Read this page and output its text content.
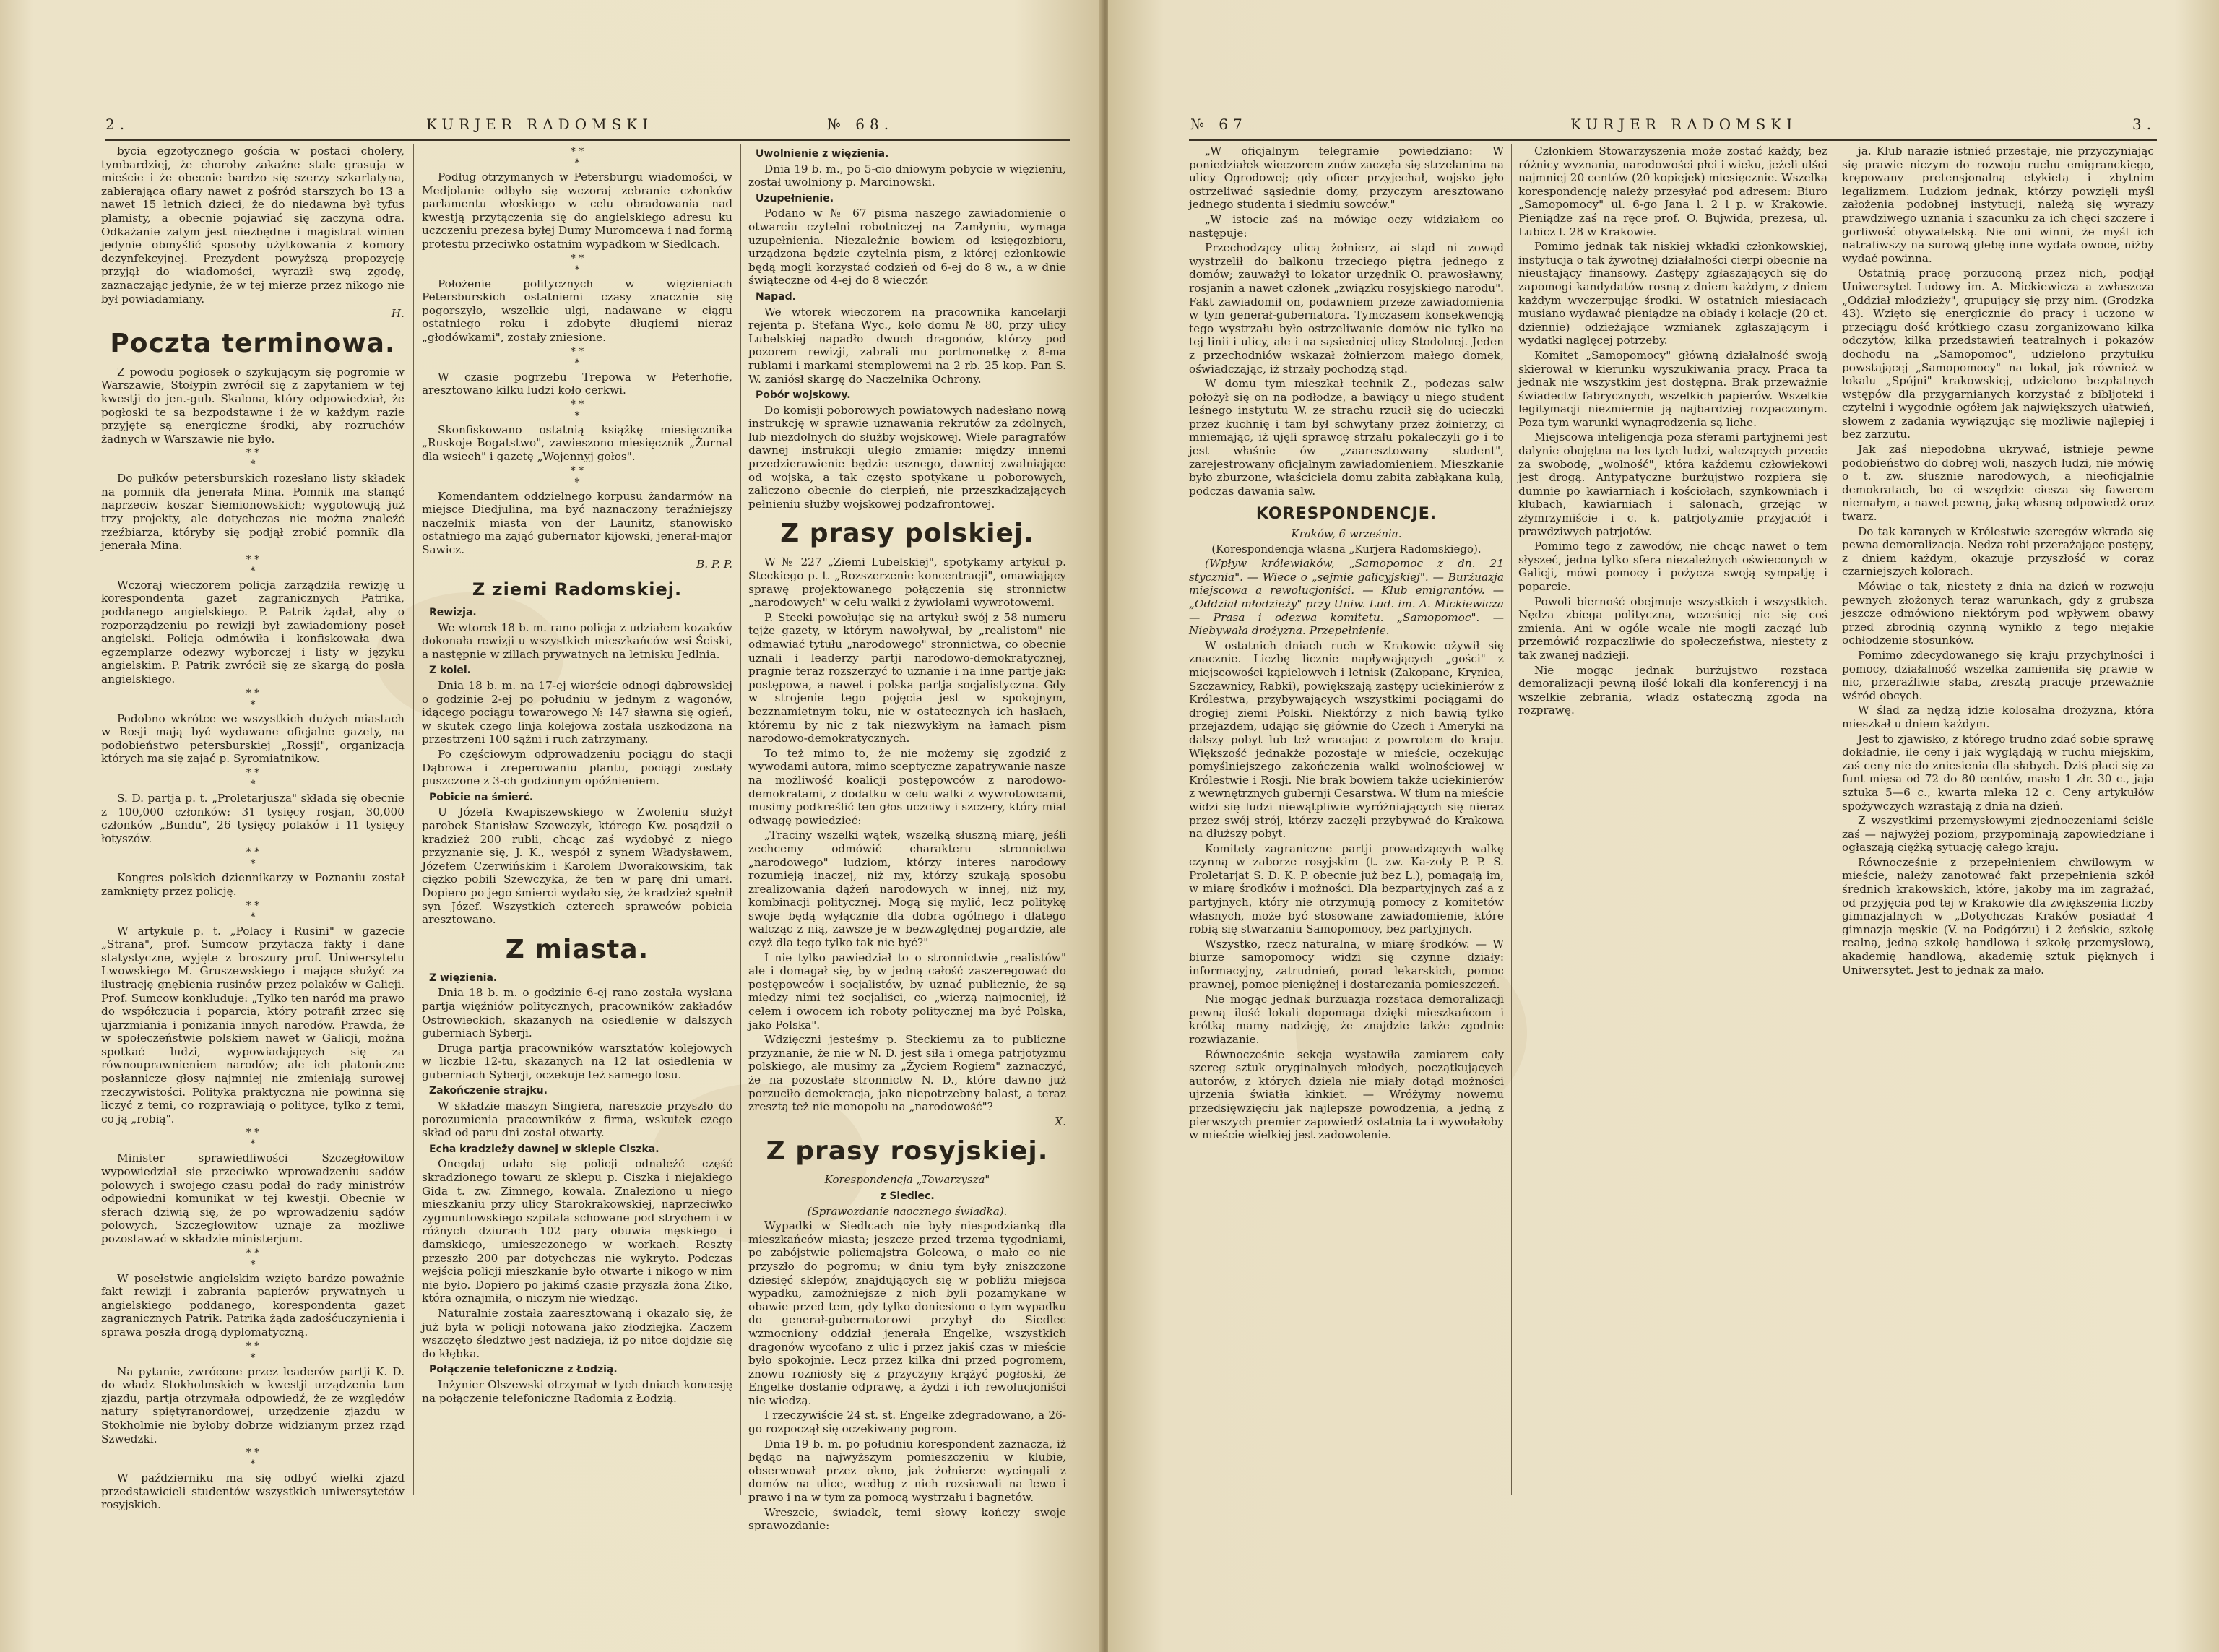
2.	KURJER RADOMSKI	№ 68.

bycia egzotycznego gościa w postaci cholery, tymbardziej, że choroby zakaźne stale grasują w mieście i że obecnie bardzo się szerzy szkarlatyna, zabierająca ofiary nawet z pośród starszych bo 13 a nawet 15 letnich dzieci, że do niedawna był tyfus plamisty, a obecnie pojawiać się zaczyna odra. Odkażanie zatym jest niezbędne i magistrat winien jedynie obmyślić sposoby użytkowania z komory dezynfekcyjnej. Prezydent powyższą propozycję przyjął do wiadomości, wyraził swą zgodę, zaznaczając jedynie, że w tej mierze przez nikogo nie był powiadamiany.

H.
Poczta terminowa.

Z powodu pogłosek o szykującym się pogromie w Warszawie, Stołypin zwrócił się z zapytaniem w tej kwestji do jen.-gub. Skalona, który odpowiedział, że pogłoski te są bezpodstawne i że w każdym razie przyjęte są energiczne środki, aby rozruchów żadnych w Warszawie nie było.

* *
*

Do pułków petersburskich rozesłano listy składek na pomnik dla jenerała Mina. Pomnik ma stanąć naprzeciw koszar Siemionowskich; wygotowują już trzy projekty, ale dotychczas nie można znaleźć rzeźbiarza, któryby się podjął zrobić pomnik dla jenerała Mina.

* *
*

Wczoraj wieczorem policja zarządziła rewizję u korespondenta gazet zagranicznych Patrika, poddanego angielskiego. P. Patrik żądał, aby o rozporządzeniu po rewizji był zawiadomiony poseł angielski. Policja odmówiła i konfiskowała dwa egzemplarze odezwy wyborczej i listy w języku angielskim. P. Patrik zwrócił się ze skargą do posła angielskiego.

* *
*

Podobno wkrótce we wszystkich dużych miastach w Rosji mają być wydawane oficjalne gazety, na podobieństwo petersburskiej „Rossji", organizacją których ma się zająć p. Syromiatnikow.

* *
*

S. D. partja p. t. „Proletarjusza" składa się obecnie z 100,000 członków: 31 tysięcy rosjan, 30,000 członków „Bundu", 26 tysięcy polaków i 11 tysięcy łotyszów.

* *
*

Kongres polskich dziennikarzy w Poznaniu został zamknięty przez policję.

* *
*

W artykule p. t. „Polacy i Rusini" w gazecie „Strana", prof. Sumcow przytacza fakty i dane statystyczne, wyjęte z broszury prof. Uniwersytetu Lwowskiego M. Gruszewskiego i mające służyć za ilustrację gnębienia rusinów przez polaków w Galicji. Prof. Sumcow konkluduje: „Tylko ten naród ma prawo do współczucia i poparcia, który potrafił zrzec się ujarzmiania i poniżania innych narodów. Prawda, że w społeczeństwie polskiem nawet w Galicji, można spotkać ludzi, wypowiadających się za równouprawnieniem narodów; ale ich platoniczne posłannicze głosy najmniej nie zmieniają surowej rzeczywistości. Polityka praktyczna nie powinna się liczyć z temi, co rozprawiają o polityce, tylko z temi, co ją „robią".

* *
*

Minister sprawiedliwości Szczegłowitow wypowiedział się przeciwko wprowadzeniu sądów polowych i swojego czasu podał do rady ministrów odpowiedni komunikat w tej kwestji. Obecnie w sferach dziwią się, że po wprowadzeniu sądów polowych, Szczegłowitow uznaje za możliwe pozostawać w składzie ministerjum.

* *
*

W posełstwie angielskim wzięto bardzo poważnie fakt rewizji i zabrania papierów prywatnych u angielskiego poddanego, korespondenta gazet zagranicznych Patrik. Patrika żąda zadośćuczynienia i sprawa poszła drogą dyplomatyczną.

* *
*

Na pytanie, zwrócone przez leaderów partji K. D. do władz Stokholmskich w kwestji urządzenia tam zjazdu, partja otrzymała odpowiedź, że ze względów natury spiętyranordowej, urzędzenie zjazdu w Stokholmie nie byłoby dobrze widzianym przez rząd Szwedzki.

* *
*

W październiku ma się odbyć wielki zjazd przedstawicieli studentów wszystkich uniwersytetów rosyjskich.

* *
*

Podług otrzymanych w Petersburgu wiadomości, w Medjolanie odbyło się wczoraj zebranie członków parlamentu włoskiego w celu obradowania nad kwestją przytączenia się do angielskiego adresu ku uczczeniu prezesa byłej Dumy Muromcewa i nad formą protestu przeciwko ostatnim wypadkom w Siedlcach.

* *
*

Położenie politycznych w więzieniach Petersburskich ostatniemi czasy znacznie się pogorszyło, wszelkie ulgi, nadawane w ciągu ostatniego roku i zdobyte długiemi nieraz „głodówkami", zostały zniesione.

* *
*

W czasie pogrzebu Trepowa w Peterhofie, aresztowano kilku ludzi koło cerkwi.

* *
*

Skonfiskowano ostatnią książkę miesięcznika „Ruskoje Bogatstwo", zawieszono miesięcznik „Żurnal dla wsiech" i gazetę „Wojennyj gołos".

* *
*

Komendantem oddzielnego korpusu żandarmów na miejsce Diedjulina, ma być naznaczony teraźniejszy naczelnik miasta von der Launitz, stanowisko ostatniego ma zająć gubernator kijowski, jenerał-major Sawicz.

B. P. P.
Z ziemi Radomskiej.
Rewizja.

We wtorek 18 b. m. rano policja z udziałem kozaków dokonała rewizji u wszystkich mieszkańców wsi Ściski, a następnie w zillach prywatnych na letnisku Jedlnia.

Z kolei.

Dnia 18 b. m. na 17-ej wiorście odnogi dąbrowskiej o godzinie 2-ej po południu w jednym z wagonów, idącego pociągu towarowego № 147 sławna się ogień, w skutek czego linja kolejowa została uszkodzona na przestrzeni 100 sążni i ruch zatrzymany.

Po częściowym odprowadzeniu pociągu do stacji Dąbrowa i zreperowaniu plantu, pociągi zostały puszczone z 3-ch godzinnym opóźnieniem.

Pobicie na śmierć.

U Józefa Kwapiszewskiego w Zwoleniu służył parobek Stanisław Szewczyk, którego Kw. posądził o kradzież 200 rubli, chcąc zaś wydobyć z niego przyznanie się, J. K., wespół z synem Władysławem, Józefem Czerwińskim i Karolem Dworakowskim, tak ciężko pobili Szewczyka, że ten w parę dni umarł. Dopiero po jego śmierci wydało się, że kradzież spełnił syn Józef. Wszystkich czterech sprawców pobicia aresztowano.

Z miasta.
Z więzienia.

Dnia 18 b. m. o godzinie 6-ej rano została wysłana partja więźniów politycznych, pracowników zakładów Ostrowieckich, skazanych na osiedlenie w dalszych guberniach Syberji.

Druga partja pracowników warsztatów kolejowych w liczbie 12-tu, skazanych na 12 lat osiedlenia w guberniach Syberji, oczekuje też samego losu.

Zakończenie strajku.

W składzie maszyn Singiera, nareszcie przyszło do porozumienia pracowników z firmą, wskutek czego skład od paru dni został otwarty.

Echa kradzieży dawnej w sklepie Ciszka.

Onegdaj udało się policji odnaleźć część skradzionego towaru ze sklepu p. Ciszka i niejakiego Gida t. zw. Zimnego, kowala. Znaleziono u niego mieszkaniu przy ulicy Starokrakowskiej, naprzeciwko zygmuntowskiego szpitala schowane pod strychem i w różnych dziurach 102 pary obuwia męskiego i damskiego, umieszczonego w workach. Reszty przeszło 200 par dotychczas nie wykryto. Podczas wejścia policji mieszkanie było otwarte i nikogo w nim nie było. Dopiero po jakimś czasie przyszła żona Ziko, która oznajmiła, o niczym nie wiedząc.

Naturalnie została zaaresztowaną i okazało się, że już była w policji notowana jako złodziejka. Zaczem wszczęto śledztwo jest nadzieja, iż po nitce dojdzie się do kłębka.

Połączenie telefoniczne z Łodzią.

Inżynier Olszewski otrzymał w tych dniach koncesję na połączenie telefoniczne Radomia z Łodzią.

Uwolnienie z więzienia.

Dnia 19 b. m., po 5-cio dniowym pobycie w więzieniu, został uwolniony p. Marcinowski.

Uzupełnienie.

Podano w № 67 pisma naszego zawiadomienie o otwarciu czytelni robotniczej na Zamłyniu, wymaga uzupełnienia. Niezależnie bowiem od księgozbioru, urządzona będzie czytelnia pism, z której członkowie będą mogli korzystać codzień od 6-ej do 8 w., a w dnie świąteczne od 4-ej do 8 wieczór.

Napad.

We wtorek wieczorem na pracownika kancelarji rejenta p. Stefana Wyc., koło domu № 80, przy ulicy Lubelskiej napadło dwuch dragonów, którzy pod pozorem rewizji, zabrali mu portmonetkę z 8-ma rublami i markami stemplowemi na 2 rb. 25 kop. Pan S. W. zaniósł skargę do Naczelnika Ochrony.

Pobór wojskowy.

Do komisji poborowych powiatowych nadesłano nową instrukcję w sprawie uznawania rekrutów za zdolnych, lub niezdolnych do służby wojskowej. Wiele paragrafów dawnej instrukcji uległo zmianie: między innemi przedzierawienie będzie usznego, dawniej zwalniające od wojska, a tak często spotykane u poborowych, zaliczono obecnie do cierpień, nie przeszkadzających pełnieniu służby wojskowej podzafrontowej.

Z prasy polskiej.

W № 227 „Ziemi Lubelskiej", spotykamy artykuł p. Steckiego p. t. „Rozszerzenie koncentracji", omawiający sprawę projektowanego połączenia się stronnictw „narodowych" w celu walki z żywiołami wywrotowemi.

P. Stecki powołując się na artykuł swój z 58 numeru tejże gazety, w którym nawoływał, by „realistom" nie odmawiać tytułu „narodowego" stronnictwa, co obecnie uznali i leaderzy partji narodowo-demokratycznej, pragnie teraz rozszerzyć to uznanie i na inne partje jak: postępowa, a nawet i polska partja socjalistyczna. Gdy w strojenie tego pojęcia jest w spokojnym, bezznamiętnym toku, nie w ostatecznych ich hasłach, któremu by nic z tak niezwykłym na łamach pism narodowo-demokratycznych.

To też mimo to, że nie możemy się zgodzić z wywodami autora, mimo sceptyczne zapatrywanie nasze na możliwość koalicji postępowców z narodowo-demokratami, z dodatku w celu walki z wywrotowcami, musimy podkreślić ten głos uczciwy i szczery, który mial odwagę powiedzieć:

„Traciny wszelki wątek, wszelką słuszną miarę, jeśli zechcemy odmówić charakteru stronnictwa „narodowego" ludziom, którzy interes narodowy rozumieją inaczej, niż my, którzy szukają sposobu zrealizowania dążeń narodowych w innej, niż my, kombinacji politycznej. Mogą się mylić, lecz politykę swoje będą wyłącznie dla dobra ogólnego i dlatego walcząc z nią, zawsze je w bezwzględnej pogardzie, ale czyż dla tego tylko tak nie być?"

I nie tylko pawiedział to o stronnictwie „realistów" ale i domagał się, by w jedną całość zaszeregować do postępowców i socjalistów, by uznać publicznie, że są między nimi też socjaliści, co „wierzą najmocniej, iż celem i owocem ich roboty politycznej ma być Polska, jako Polska".

Wdzięczni jesteśmy p. Steckiemu za to publiczne przyznanie, że nie w N. D. jest siła i omega patrjotyzmu polskiego, ale musimy za „Życiem Rogiem" zaznaczyć, że na pozostałe stronnictw N. D., które dawno już porzuciło demokracją, jako niepotrzebny balast, a teraz zresztą też nie monopolu na „narodowość"?

X.
Z prasy rosyjskiej.
Korespondencja „Towarzysza"
z Siedlec.
(Sprawozdanie naocznego świadka).

Wypadki w Siedlcach nie były niespodzianką dla mieszkańców miasta; jeszcze przed trzema tygodniami, po zabójstwie policmajstra Golcowa, o mało co nie przyszło do pogromu; w dniu tym były zniszczone dziesięć sklepów, znajdujących się w pobliżu miejsca wypadku, zamożniejsze z nich byli pozamykane w obawie przed tem, gdy tylko doniesiono o tym wypadku do generał-gubernatorowi przybył do Siedlec wzmocniony oddział jenerała Engelke, wszystkich dragonów wycofano z ulic i przez jakiś czas w mieście było spokojnie. Lecz przez kilka dni przed pogromem, znowu rozniosły się z przyczyny krążyć pogłoski, że Engelke dostanie odprawę, a żydzi i ich rewolucjoniści nie wiedzą.

I rzeczywiście 24 st. st. Engelke zdegradowano, a 26-go rozpoczął się oczekiwany pogrom.

Dnia 19 b. m. po południu korespondent zaznacza, iż będąc na najwyższym pomieszczeniu w klubie, obserwował przez okno, jak żołnierze wycingali z domów na ulice, według z nich rozsiewali na lewo i prawo i na w tym za pomocą wystrzału i bagnetów.

Wreszcie, świadek, temi słowy kończy swoje sprawozdanie:

№ 67	KURJER RADOMSKI	3.

„W oficjalnym telegramie powiedziano: W poniedziałek wieczorem znów zaczęła się strzelanina na ulicy Ogrodowej; gdy oficer przyjechał, wojsko jęło ostrzeliwać sąsiednie domy, przyczym aresztowano jednego studenta i siedmiu sowców."

„W istocie zaś na mówiąc oczy widziałem co następuje:

Przechodzący ulicą żołnierz, ai stąd ni zowąd wystrzelił do balkonu trzeciego piętra jednego z domów; zauważył to lokator urzędnik O. prawosławny, rosjanin a nawet członek „związku rosyjskiego narodu". Fakt zawiadomił on, podawniem przeze zawiadomienia w tym generał-gubernatora. Tymczasem konsekwencją tego wystrzału było ostrzeliwanie domów nie tylko na tej linii i ulicy, ale i na sąsiedniej ulicy Stodolnej. Jeden z przechodniów wskazał żołnierzom małego domek, oświadczając, iż strzały pochodzą stąd.

W domu tym mieszkał technik Z., podczas salw położył się on na podłodze, a bawiący u niego student leśnego instytutu W. ze strachu rzucił się do ucieczki przez kuchnię i tam był schwytany przez żołnierzy, ci mniemając, iż ujęli sprawcę strzału pokaleczyli go i to jest właśnie ów „zaaresztowany student", zarejestrowany oficjalnym zawiadomieniem. Mieszkanie było zburzone, właściciela domu zabita zabłąkana kulą, podczas dawania salw.

KORESPONDENCJE.
Kraków, 6 września.
(Korespondencja własna „Kurjera Radomskiego).

(Wpływ królewiaków, „Samopomoc z dn. 21 stycznia". — Wiece o „sejmie galicyjskiej". — Burżuazja miejscowa a rewolucjoniści. — Klub emigrantów. — „Oddział młodzieży" przy Uniw. Lud. im. A. Mickiewicza — Prasa i odezwa komitetu. „Samopomoc". — Niebywała drożyzna. Przepełnienie.

W ostatnich dniach ruch w Krakowie ożywił się znacznie. Liczbę licznie napływających „gości" z miejscowości kąpielowych i letnisk (Zakopane, Krynica, Szczawnicy, Rabki), powiększają zastępy uciekinierów z Królestwa, przybywających wszystkimi pociągami do drogiej ziemi Polski. Niektórzy z nich bawią tylko przejazdem, udając się głównie do Czech i Ameryki na dalszy pobyt lub też wracając z powrotem do kraju. Większość jednakże pozostaje w mieście, oczekując pomyślniejszego zakończenia walki wolnościowej w Królestwie i Rosji. Nie brak bowiem także uciekinierów z wewnętrznych gubernji Cesarstwa. W tłum na mieście widzi się ludzi niewątpliwie wyróżniających się nieraz przez swój strój, którzy zaczęli przybywać do Krakowa na dłuższy pobyt.

Komitety zagraniczne partji prowadzących walkę czynną w zaborze rosyjskim (t. zw. Ka-zoty P. P. S. Proletarjat S. D. K. P. obecnie już bez L.), pomagają im, w miarę środków i możności. Dla bezpartyjnych zaś a z partyjnych, który nie otrzymują pomocy z komitetów własnych, może być stosowane zawiadomienie, które robią się stwarzaniu Samopomocy, bez partyjnych.

Wszystko, rzecz naturalna, w miarę środków. — W biurze samopomocy widzi się czynne działy: informacyjny, zatrudnień, porad lekarskich, pomoc prawnej, pomoc pieniężnej i dostarczania pomieszczeń.

Nie mogąc jednak burżuazja rozstaca demoralizacji pewną ilość lokali dopomaga dzięki mieszkańcom i krótką mamy nadzieję, że znajdzie także zgodnie rozwiązanie.

Równocześnie sekcja wystawiła zamiarem cały szereg sztuk oryginalnych młodych, początkujących autorów, z których dziela nie miały dotąd możności ujrzenia światła kinkiet. — Wróżymy nowemu przedsięwzięciu jak najlepsze powodzenia, a jedną z pierwszych premier zapowiedź ostatnia ta i wywołałoby w mieście wielkiej jest zadowolenie.

Członkiem Stowarzyszenia może zostać każdy, bez różnicy wyznania, narodowości płci i wieku, jeżeli ulści najmniej 20 centów (20 kopiejek) miesięcznie. Wszelką korespondencję należy przesyłać pod adresem: Biuro „Samopomocy" ul. 6-go Jana l. 2 l p. w Krakowie. Pieniądze zaś na ręce prof. O. Bujwida, prezesa, ul. Lubicz l. 28 w Krakowie.

Pomimo jednak tak niskiej wkładki członkowskiej, instytucja o tak żywotnej działalności cierpi obecnie na nieustający finansowy. Zastępy zgłaszających się do zapomogi kandydatów rosną z dniem każdym, z dniem każdym wyczerpując środki. W ostatnich miesiącach musiano wydawać pieniądze na obiady i kolacje (20 ct. dziennie) odzieżające wzmianek zgłaszającym i wydatki naglęcej potrzeby.

Komitet „Samopomocy" główną działalność swoją skierował w kierunku wyszukiwania pracy. Praca ta jednak nie wszystkim jest dostępna. Brak przeważnie świadectw fabrycznych, wszelkich papierów. Wszelkie legitymacji niezmiernie ją najbardziej rozpaczonym. Poza tym warunki wynagrodzenia są liche.

Miejscowa inteligencja poza sferami partyjnemi jest dalynie obojętna na los tych ludzi, walczących przecie za swobodę, „wolność", która kaźdemu człowiekowi jest drogą. Antypatyczne burżujstwo rozpiera się dumnie po kawiarniach i kościołach, szynkowniach i klubach, kawiarniach i salonach, grzejąc w złymrzymiście i c. k. patrjotyzmie przyjaciół i prawdziwych patrjotów.

Pomimo tego z zawodów, nie chcąc nawet o tem słyszeć, jedna tylko sfera niezależnych oświeconych w Galicji, mówi pomocy i pożycza swoją sympatję i poparcie.

Powoli bierność obejmuje wszystkich i wszystkich. Nędza zbiega polityczną, wcześniej nic się coś zmienia. Ani w ogóle wcale nie mogli zacząć lub przemówić rozpaczliwie do społeczeństwa, niestety z tak zwanej nadzieji.

Nie mogąc jednak burżujstwo rozstaca demoralizacji pewną ilość lokali dla konferencyj i na wszelkie zebrania, władz ostateczną zgoda na rozprawę.

ja. Klub narazie istnieć przestaje, nie przyczyniając się prawie niczym do rozwoju ruchu emigranckiego, krępowany pretensjonalną etykietą i zbytnim legalizmem. Ludziom jednak, którzy powzięli myśl założenia podobnej instytucji, należą się wyrazy prawdziwego uznania i szacunku za ich chęci szczere i gorliwość obywatelską. Nie oni winni, że myśl ich natrafiwszy na surową glebę inne wydała owoce, niżby wydać powinna.

Ostatnią pracę porzuconą przez nich, podjął Uniwersytet Ludowy im. A. Mickiewicza a zwłaszcza „Oddział młodzieży", grupujący się przy nim. (Grodzka 43). Wzięto się energicznie do pracy i uczono w przeciągu dość krótkiego czasu zorganizowano kilka odczytów, kilka przedstawień teatralnych i pokazów dochodu na „Samopomoc", udzielono przytułku powstającej „Samopomocy" na lokal, jak również w lokalu „Spójni" krakowskiej, udzielono bezpłatnych wstępów dla przygarnianych korzystać z bibljoteki i czytelni i wygodnie ogółem jak największych ułatwień, słowem z zadania wywiązując się możliwie najlepiej i bez zarzutu.

Jak zaś niepodobna ukrywać, istnieje pewne podobieństwo do dobrej woli, naszych ludzi, nie mówię o t. zw. słusznie narodowych, a nieoficjalnie demokratach, bo ci wszędzie ciesza się fawerem niemałym, a nawet pewną, jaką własną odpowiedź oraz twarz.

Do tak karanych w Królestwie szeregów wkrada się pewna demoralizacja. Nędza robi przerażające postępy, z dniem każdym, okazuje przyszłość w coraz czarniejszych kolorach.

Mówiąc o tak, niestety z dnia na dzień w rozwoju pewnych złożonych teraz warunkach, gdy z grubsza jeszcze odmówiono niektórym pod wpływem obawy przed zbrodnią czynną wynikło z tego niejakie ochłodzenie stosunków.

Pomimo zdecydowanego się kraju przychylności i pomocy, działalność wszelka zamieniła się prawie w nic, przeraźliwie słaba, zresztą pracuje przeważnie wśród obcych.

W ślad za nędzą idzie kolosalna drożyzna, która mieszkał u dniem każdym.

Jest to zjawisko, z którego trudno zdać sobie sprawę dokładnie, ile ceny i jak wyglądają w ruchu miejskim, zaś ceny nie do zniesienia dla słabych. Dziś płaci się za funt mięsa od 72 do 80 centów, masło 1 złr. 30 c., jaja sztuka 5—6 c., kwarta mleka 12 c. Ceny artykułów spożywczych wzrastają z dnia na dzień.

Z wszystkimi przemysłowymi zjednoczeniami ściśle zaś — najwyżej poziom, przypominają zapowiedziane i ogłaszają ciężką sytuację całego kraju.

Równocześnie z przepełnieniem chwilowym w mieście, należy zanotować fakt przepełnienia szkół średnich krakowskich, które, jakoby ma im zagrażać, od przyjęcia pod tej w Krakowie dla zwiększenia liczby gimnazjalnych w „Dotychczas Kraków posiadał 4 gimnazja męskie (V. na Podgórzu) i 2 żeńskie, szkołę realną, jedną szkołę handlową i szkołę przemysłową, akademię handlową, akademię sztuk pięknych i Uniwersytet. Jest to jednak za mało.
